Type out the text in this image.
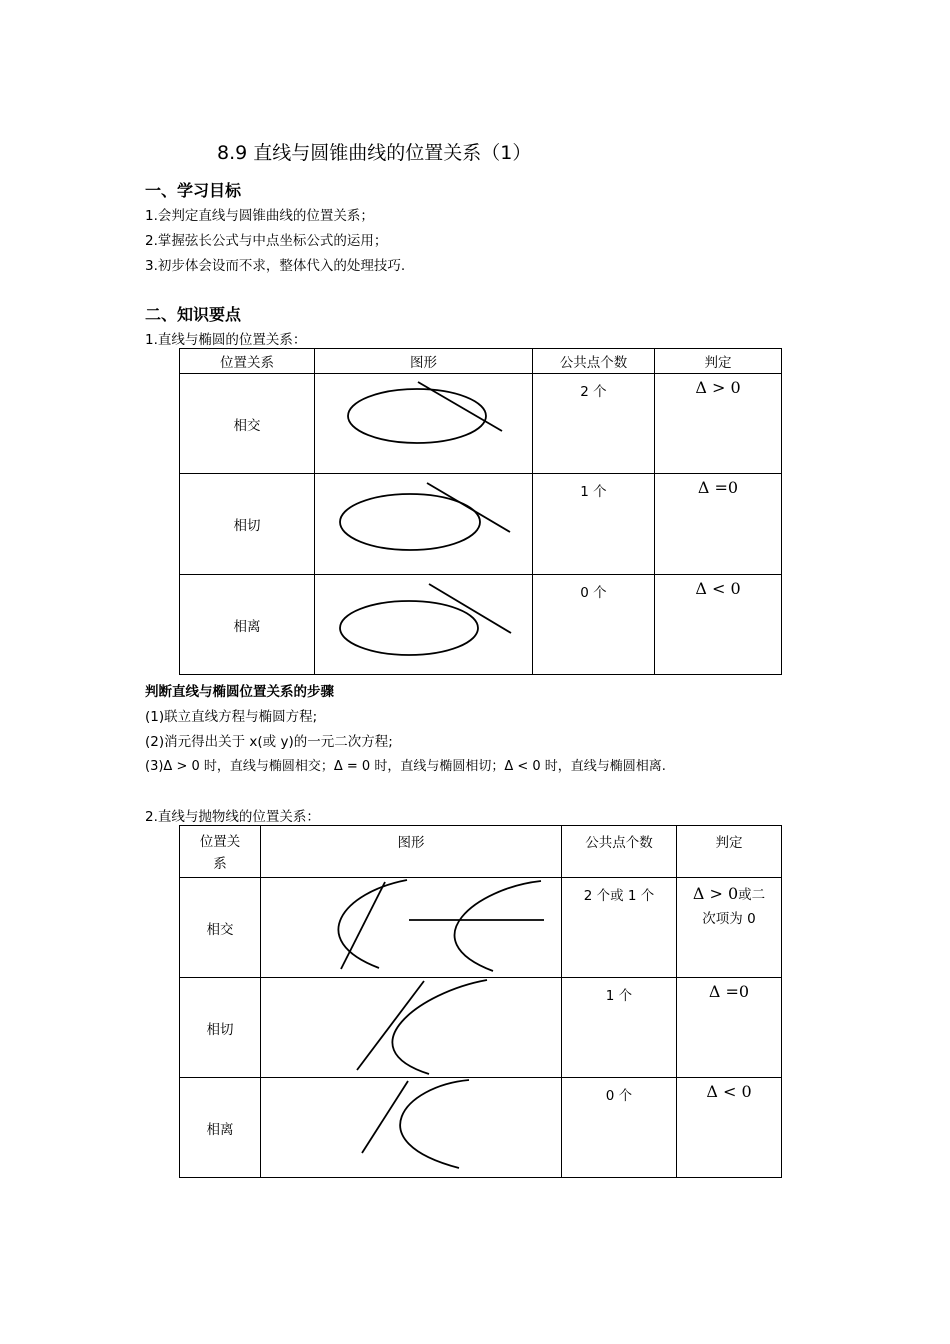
8.9 直线与圆锥曲线的位置关系（1）
一、学习目标
1.会判定直线与圆锥曲线的位置关系；
2.掌握弦长公式与中点坐标公式的运用；
3.初步体会设而不求，整体代入的处理技巧.
二、知识要点
1.直线与椭圆的位置关系：
位置关系	图形	公共点个数	判定
相交		2 个	Δ > 0
相切		1 个	Δ =0
相离		0 个	Δ < 0
判断直线与椭圆位置关系的步骤
(1)联立直线方程与椭圆方程;
(2)消元得出关于 x(或 y)的一元二次方程;
(3)Δ > 0 时，直线与椭圆相交；Δ = 0 时，直线与椭圆相切；Δ < 0 时，直线与椭圆相离.
2.直线与抛物线的位置关系：
位置关
系	图形	公共点个数	判定
相交		2 个或 1 个	Δ > 0或二
次项为 0
相切		1 个	Δ =0
相离		0 个	Δ < 0
